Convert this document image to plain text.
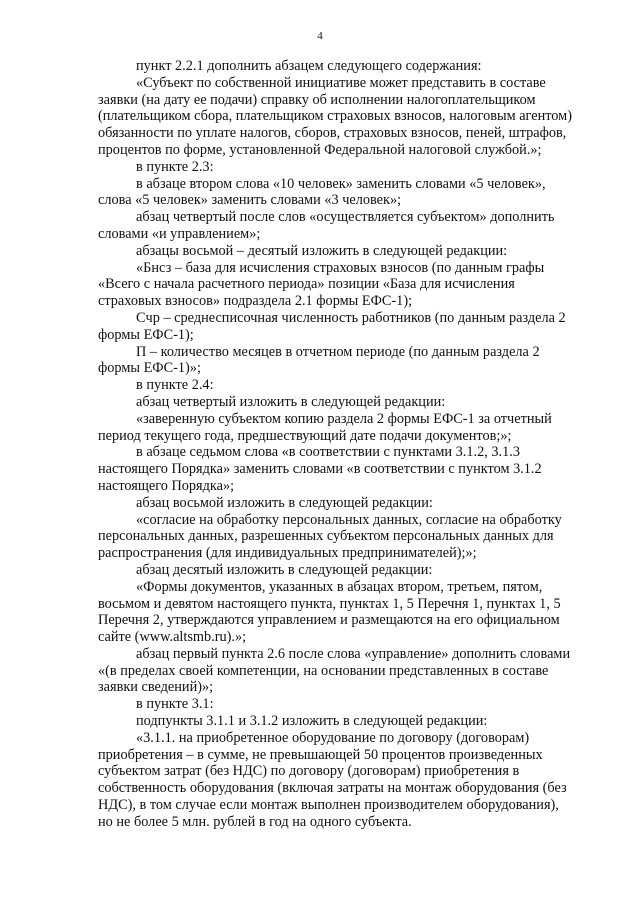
4

пункт 2.2.1 дополнить абзацем следующего содержания:

«Субъект по собственной инициативе может представить в составе
заявки (на дату ее подачи) справку об исполнении налогоплательщиком
(плательщиком сбора, плательщиком страховых взносов, налоговым агентом)
обязанности по уплате налогов, сборов, страховых взносов, пеней, штрафов,
процентов по форме, установленной Федеральной налоговой службой.»;

в пункте 2.3:

в абзаце втором слова «10 человек» заменить словами «5 человек»,
слова «5 человек» заменить словами «3 человек»;

абзац четвертый после слов «осуществляется субъектом» дополнить
словами «и управлением»;

абзацы восьмой – десятый изложить в следующей редакции:

«Бнсз – база для исчисления страховых взносов (по данным графы
«Всего с начала расчетного периода» позиции «База для исчисления
страховых взносов» подраздела 2.1 формы ЕФС-1);

Cчр – среднесписочная численность работников (по данным раздела 2
формы ЕФС-1);

П – количество месяцев в отчетном периоде (по данным раздела 2
формы ЕФС-1)»;

в пункте 2.4:

абзац четвертый изложить в следующей редакции:

«заверенную субъектом копию раздела 2 формы ЕФС-1 за отчетный
период текущего года, предшествующий дате подачи документов;»;

в абзаце седьмом слова «в соответствии с пунктами 3.1.2, 3.1.3
настоящего Порядка» заменить словами «в соответствии с пунктом 3.1.2
настоящего Порядка»;

абзац восьмой изложить в следующей редакции:

«согласие на обработку персональных данных, согласие на обработку
персональных данных, разрешенных субъектом персональных данных для
распространения (для индивидуальных предпринимателей);»;

абзац десятый изложить в следующей редакции:

«Формы документов, указанных в абзацах втором, третьем, пятом,
восьмом и девятом настоящего пункта, пунктах 1, 5 Перечня 1, пунктах 1, 5
Перечня 2, утверждаются управлением и размещаются на его официальном
сайте (www.altsmb.ru).»;

абзац первый пункта 2.6 после слова «управление» дополнить словами
«(в пределах своей компетенции, на основании представленных в составе
заявки сведений)»;

в пункте 3.1:

подпункты 3.1.1 и 3.1.2 изложить в следующей редакции:

«3.1.1. на приобретенное оборудование по договору (договорам)
приобретения – в сумме, не превышающей 50 процентов произведенных
субъектом затрат (без НДС) по договору (договорам) приобретения в
собственность оборудования (включая затраты на монтаж оборудования (без
НДС), в том случае если монтаж выполнен производителем оборудования),
но не более 5 млн. рублей в год на одного субъекта.
